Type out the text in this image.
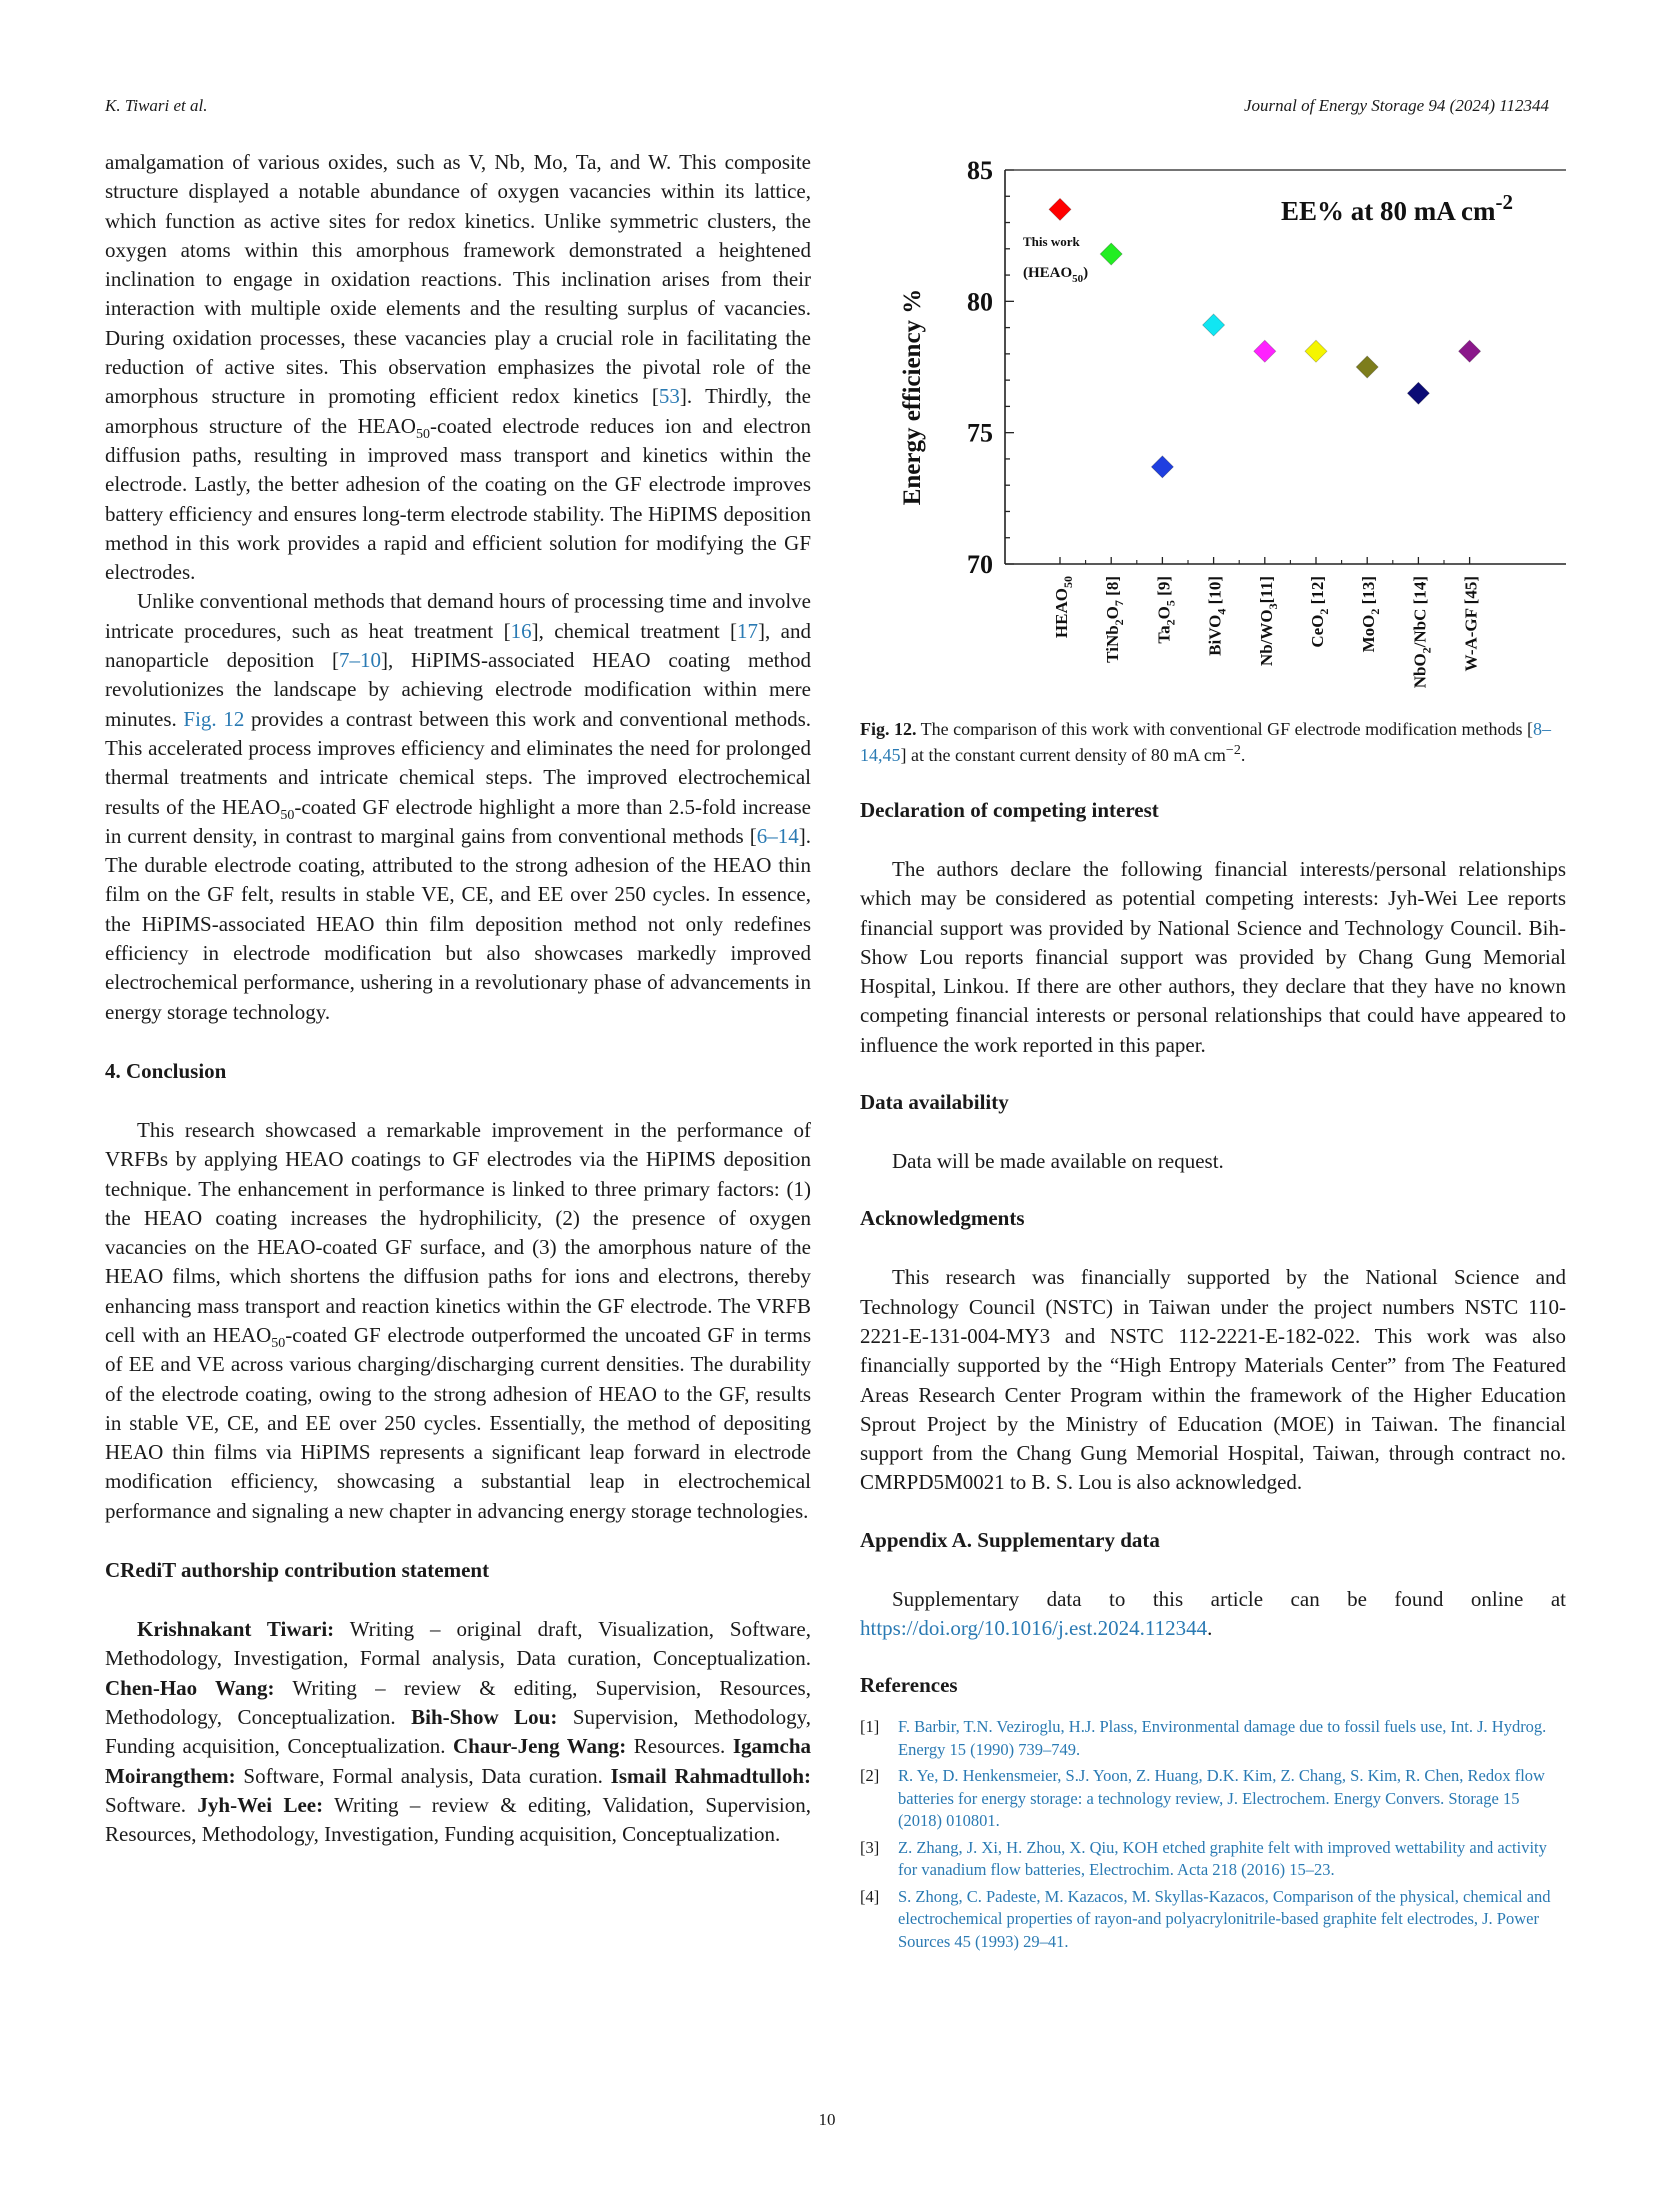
K. Tiwari et al.	Journal of Energy Storage 94 (2024) 112344

amalgamation of various oxides, such as V, Nb, Mo, Ta, and W. This composite structure displayed a notable abundance of oxygen vacancies within its lattice, which function as active sites for redox kinetics. Unlike symmetric clusters, the oxygen atoms within this amorphous framework demonstrated a heightened inclination to engage in oxidation reactions. This inclination arises from their interaction with multiple oxide elements and the resulting surplus of vacancies. During oxidation processes, these vacancies play a crucial role in facilitating the reduction of active sites. This observation emphasizes the pivotal role of the amorphous structure in promoting efficient redox kinetics [53]. Thirdly, the amorphous structure of the $HEAO_{50}$-coated electrode reduces ion and electron diffusion paths, resulting in improved mass transport and kinetics within the electrode. Lastly, the better adhesion of the coating on the GF electrode improves battery efficiency and ensures long-term electrode stability. The HiPIMS deposition method in this work provides a rapid and efficient solution for modifying the GF electrodes.

Unlike conventional methods that demand hours of processing time and involve intricate procedures, such as heat treatment [16], chemical treatment [17], and nanoparticle deposition [7–10], HiPIMS-associated HEAO coating method revolutionizes the landscape by achieving electrode modification within mere minutes. Fig. 12 provides a contrast between this work and conventional methods. This accelerated process improves efficiency and eliminates the need for prolonged thermal treatments and intricate chemical steps. The improved electrochemical results of the $HEAO_{50}$-coated GF electrode highlight a more than 2.5-fold increase in current density, in contrast to marginal gains from conventional methods [6–14]. The durable electrode coating, attributed to the strong adhesion of the HEAO thin film on the GF felt, results in stable VE, CE, and EE over 250 cycles. In essence, the HiPIMS-associated HEAO thin film deposition method not only redefines efficiency in electrode modification but also showcases markedly improved electrochemical performance, ushering in a revolutionary phase of advancements in energy storage technology.

4. Conclusion

This research showcased a remarkable improvement in the performance of VRFBs by applying HEAO coatings to GF electrodes via the HiPIMS deposition technique. The enhancement in performance is linked to three primary factors: (1) the HEAO coating increases the hydrophilicity, (2) the presence of oxygen vacancies on the HEAO-coated GF surface, and (3) the amorphous nature of the HEAO films, which shortens the diffusion paths for ions and electrons, thereby enhancing mass transport and reaction kinetics within the GF electrode. The VRFB cell with an $HEAO_{50}$-coated GF electrode outperformed the uncoated GF in terms of EE and VE across various charging/discharging current densities. The durability of the electrode coating, owing to the strong adhesion of HEAO to the GF, results in stable VE, CE, and EE over 250 cycles. Essentially, the method of depositing HEAO thin films via HiPIMS represents a significant leap forward in electrode modification efficiency, showcasing a substantial leap in electrochemical performance and signaling a new chapter in advancing energy storage technologies.

CRediT authorship contribution statement

Krishnakant Tiwari: Writing – original draft, Visualization, Software, Methodology, Investigation, Formal analysis, Data curation, Conceptualization. Chen-Hao Wang: Writing – review & editing, Supervision, Resources, Methodology, Conceptualization. Bih-Show Lou: Supervision, Methodology, Funding acquisition, Conceptualization. Chaur-Jeng Wang: Resources. Igamcha Moirangthem: Software, Formal analysis, Data curation. Ismail Rahmadtulloh: Software. Jyh-Wei Lee: Writing – review & editing, Validation, Supervision, Resources, Methodology, Investigation, Funding acquisition, Conceptualization.

70
75
80
85
Energy efficiency %
EE% at 80 mA $cm^{-2}$
This work
$(HEAO_{50})$
$HEAO_{50}$
$TiNb_2O_7$ [8]
$Ta_2O_5$ [9]
BiVO$_4$ [10]
$Nb/WO_3[11]$
CeO$_2$ [12]
MoO$_2$ [13]
NbO$_2$/NbC [14] W-A-GF [45]
Fig. 12. The comparison of this work with conventional GF electrode modification methods [8–14,45] at the constant current density of 80 mA $cm^{-2}$.
Declaration of competing interest

The authors declare the following financial interests/personal relationships which may be considered as potential competing interests: Jyh-Wei Lee reports financial support was provided by National Science and Technology Council. Bih-Show Lou reports financial support was provided by Chang Gung Memorial Hospital, Linkou. If there are other authors, they declare that they have no known competing financial interests or personal relationships that could have appeared to influence the work reported in this paper.

Data availability

Data will be made available on request.

Acknowledgments

This research was financially supported by the National Science and Technology Council (NSTC) in Taiwan under the project numbers NSTC 110-2221-E-131-004-MY3 and NSTC 112-2221-E-182-022. This work was also financially supported by the “High Entropy Materials Center” from The Featured Areas Research Center Program within the framework of the Higher Education Sprout Project by the Ministry of Education (MOE) in Taiwan. The financial support from the Chang Gung Memorial Hospital, Taiwan, through contract no. CMRPD5M0021 to B. S. Lou is also acknowledged.

Appendix A. Supplementary data

Supplementary data to this article can be found online at https://doi.org/10.1016/j.est.2024.112344.

References
[1]	F. Barbir, T.N. Veziroglu, H.J. Plass, Environmental damage due to fossil fuels use, Int. J. Hydrog. Energy 15 (1990) 739–749.
[2]	R. Ye, D. Henkensmeier, S.J. Yoon, Z. Huang, D.K. Kim, Z. Chang, S. Kim, R. Chen, Redox flow batteries for energy storage: a technology review, J. Electrochem. Energy Convers. Storage 15 (2018) 010801.
[3]	Z. Zhang, J. Xi, H. Zhou, X. Qiu, KOH etched graphite felt with improved wettability and activity for vanadium flow batteries, Electrochim. Acta 218 (2016) 15–23.
[4]	S. Zhong, C. Padeste, M. Kazacos, M. Skyllas-Kazacos, Comparison of the physical, chemical and electrochemical properties of rayon-and polyacrylonitrile-based graphite felt electrodes, J. Power Sources 45 (1993) 29–41.
10
